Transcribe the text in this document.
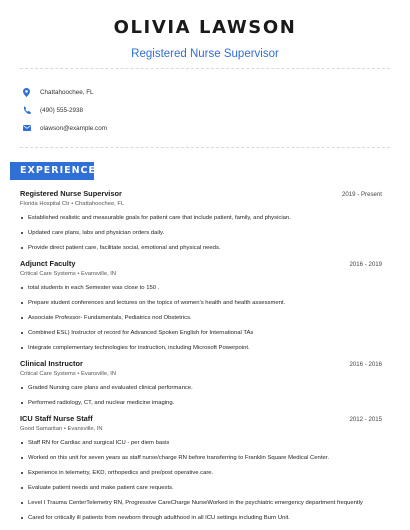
OLIVIA LAWSON
Registered Nurse Supervisor
Chattahoochee, FL
(490) 555-2938
olawson@example.com
EXPERIENCE
Registered Nurse Supervisor	2019 - Present
Florida Hospital Ctr • Chattahoochee, FL
Established realistic and measurable goals for patient care that include patient, family, and physician.
Updated care plans, labs and physician orders daily.
Provide direct patient care, facilitate social, emotional and physical needs.
Adjunct Faculty	2016 - 2019
Critical Care Systems • Evansville, IN
total students in each Semester was close to 150 .
Prepare student conferences and lectures on the topics of women's health and health assessment.
Associate Professor- Fundamentals, Pediatrics nod Obstetrics.
Combined ESL) Instructor of record for Advanced Spoken English for International TAs
Integrate complementary technologies for instruction, including Microsoft Powerpoint.
Clinical Instructor	2016 - 2016
Critical Care Systems • Evansville, IN
Graded Nursing care plans and evaluated clinical performance.
Performed radiology, CT, and nuclear medicine imaging.
ICU Staff Nurse Staff	2012 - 2015
Good Samaritan • Evansville, IN
Staff RN for Cardiac and surgical ICU - per diem basis
Worked on this unit for seven years as staff nurse/charge RN before transferring to Franklin Square Medical Center.
Experience in telemetry, EKD, orthopedics and pre/post operative care.
Evaluate patient needs and make patient care requests.
Level I Trauma CenterTelemetry RN, Progressive CareCharge NurseWorked in the psychiatric emergency department frequently
Cared for critically ill patients from newborn through adulthood in all ICU settings including Burn Unit.
